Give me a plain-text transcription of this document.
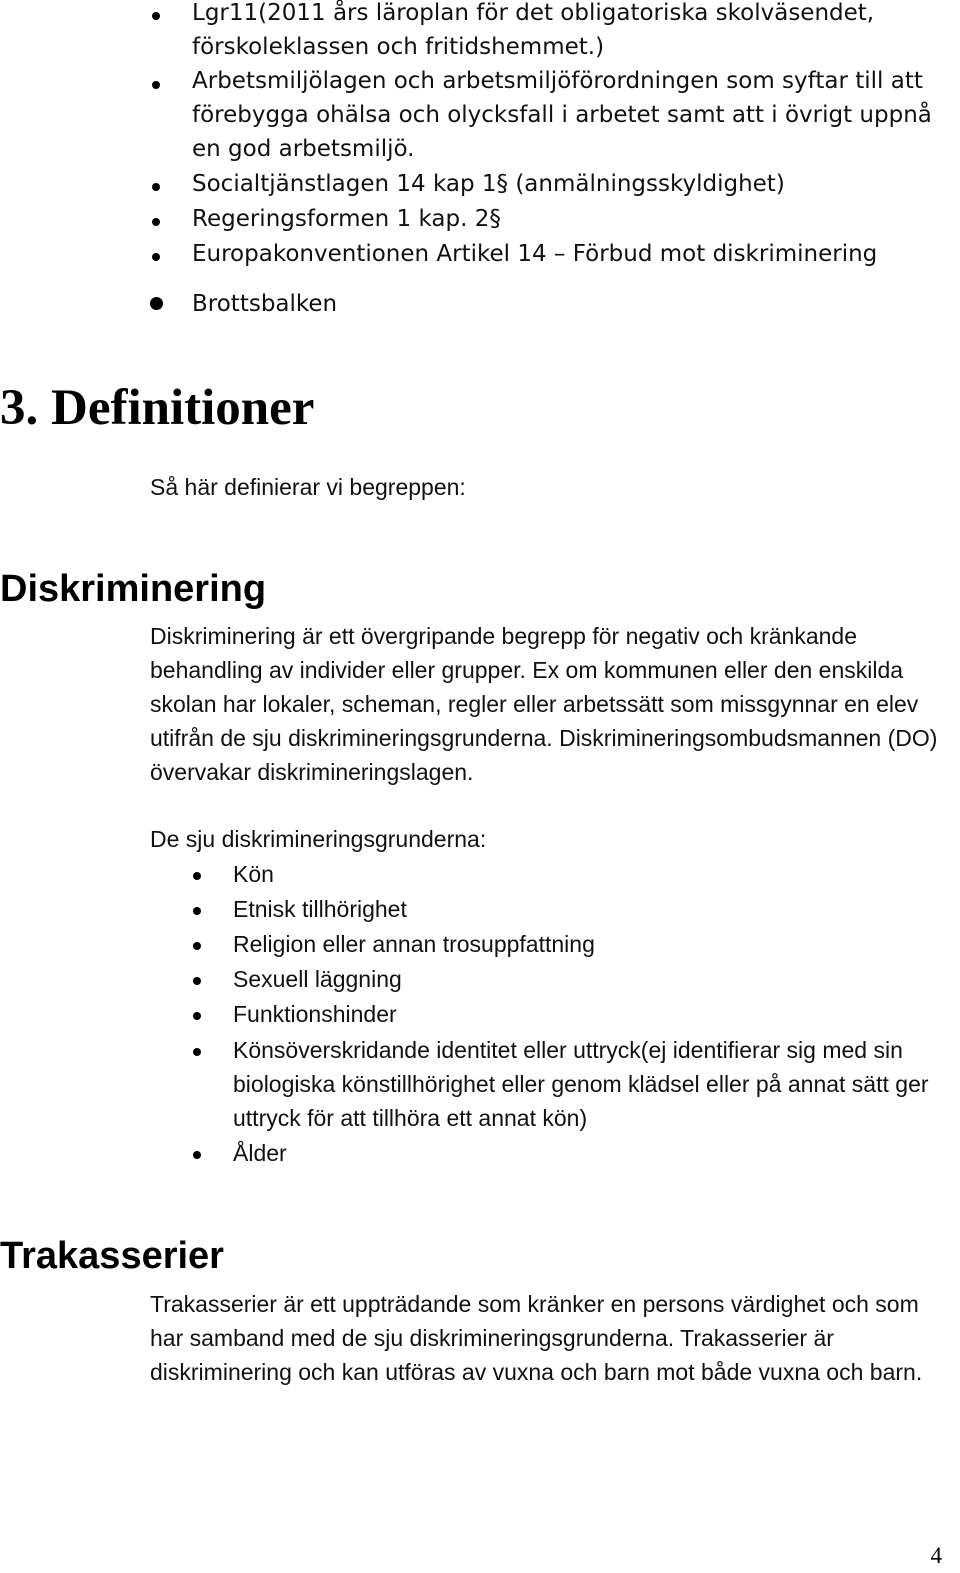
Lgr11(2011 års läroplan för det obligatoriska skolväsendet, förskoleklassen och fritidshemmet.)
Arbetsmiljölagen och arbetsmiljöförordningen som syftar till att förebygga ohälsa och olycksfall i arbetet samt att i övrigt uppnå en god arbetsmiljö.
Socialtjänstlagen 14 kap 1§ (anmälningsskyldighet)
Regeringsformen 1 kap. 2§
Europakonventionen Artikel 14 – Förbud mot diskriminering
Brottsbalken
3. Definitioner

Så här definierar vi begreppen:

Diskriminering

Diskriminering är ett övergripande begrepp för negativ och kränkande behandling av individer eller grupper. Ex om kommunen eller den enskilda skolan har lokaler, scheman, regler eller arbetssätt som missgynnar en elev utifrån de sju diskrimineringsgrunderna. Diskrimineringsombudsmannen (DO) övervakar diskrimineringslagen.

De sju diskrimineringsgrunderna:

Kön
Etnisk tillhörighet
Religion eller annan trosuppfattning
Sexuell läggning
Funktionshinder
Könsöverskridande identitet eller uttryck(ej identifierar sig med sin biologiska könstillhörighet eller genom klädsel eller på annat sätt ger uttryck för att tillhöra ett annat kön)
Ålder
Trakasserier

Trakasserier är ett uppträdande som kränker en persons värdighet och som har samband med de sju diskrimineringsgrunderna. Trakasserier är diskriminering och kan utföras av vuxna och barn mot både vuxna och barn.

4
